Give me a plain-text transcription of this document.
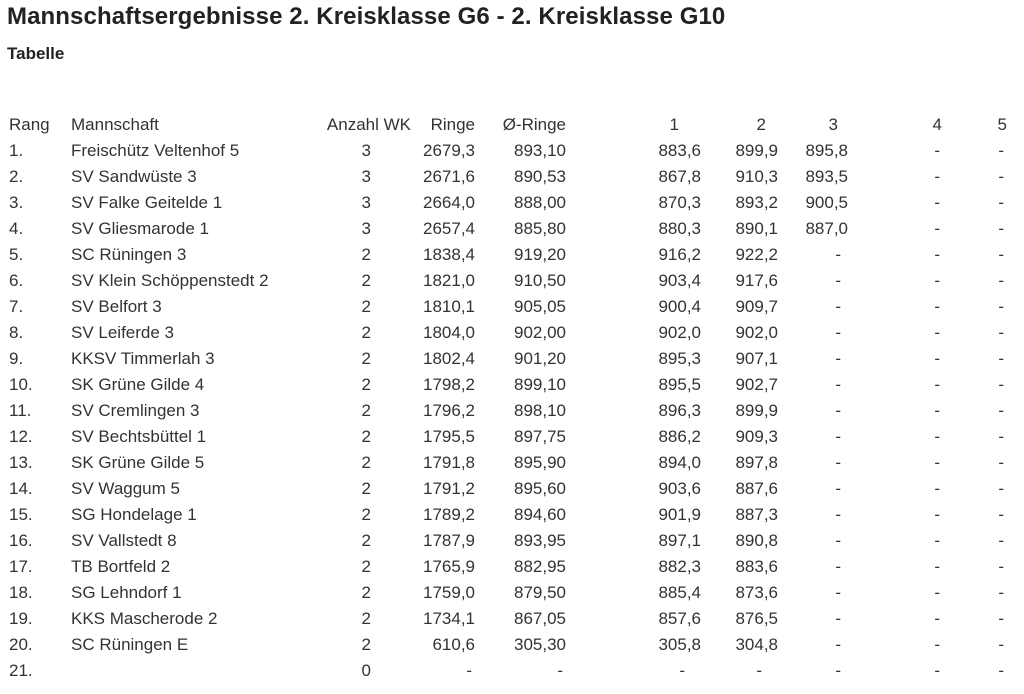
Mannschaftsergebnisse 2. Kreisklasse G6 - 2. Kreisklasse G10
Tabelle
Rang	Mannschaft	Anzahl WK	Ringe	Ø-Ringe	1	2	3	4	5
1.	Freischütz Veltenhof 5	3	2679,3	893,10	883,6	899,9	895,8	-	-
2.	SV Sandwüste 3	3	2671,6	890,53	867,8	910,3	893,5	-	-
3.	SV Falke Geitelde 1	3	2664,0	888,00	870,3	893,2	900,5	-	-
4.	SV Gliesmarode 1	3	2657,4	885,80	880,3	890,1	887,0	-	-
5.	SC Rüningen 3	2	1838,4	919,20	916,2	922,2	-	-	-
6.	SV Klein Schöppenstedt 2	2	1821,0	910,50	903,4	917,6	-	-	-
7.	SV Belfort 3	2	1810,1	905,05	900,4	909,7	-	-	-
8.	SV Leiferde 3	2	1804,0	902,00	902,0	902,0	-	-	-
9.	KKSV Timmerlah 3	2	1802,4	901,20	895,3	907,1	-	-	-
10.	SK Grüne Gilde 4	2	1798,2	899,10	895,5	902,7	-	-	-
11.	SV Cremlingen 3	2	1796,2	898,10	896,3	899,9	-	-	-
12.	SV Bechtsbüttel 1	2	1795,5	897,75	886,2	909,3	-	-	-
13.	SK Grüne Gilde 5	2	1791,8	895,90	894,0	897,8	-	-	-
14.	SV Waggum 5	2	1791,2	895,60	903,6	887,6	-	-	-
15.	SG Hondelage 1	2	1789,2	894,60	901,9	887,3	-	-	-
16.	SV Vallstedt 8	2	1787,9	893,95	897,1	890,8	-	-	-
17.	TB Bortfeld 2	2	1765,9	882,95	882,3	883,6	-	-	-
18.	SG Lehndorf 1	2	1759,0	879,50	885,4	873,6	-	-	-
19.	KKS Mascherode 2	2	1734,1	867,05	857,6	876,5	-	-	-
20.	SC Rüningen E	2	610,6	305,30	305,8	304,8	-	-	-
21.		0	-	-	-	-	-	-	-
